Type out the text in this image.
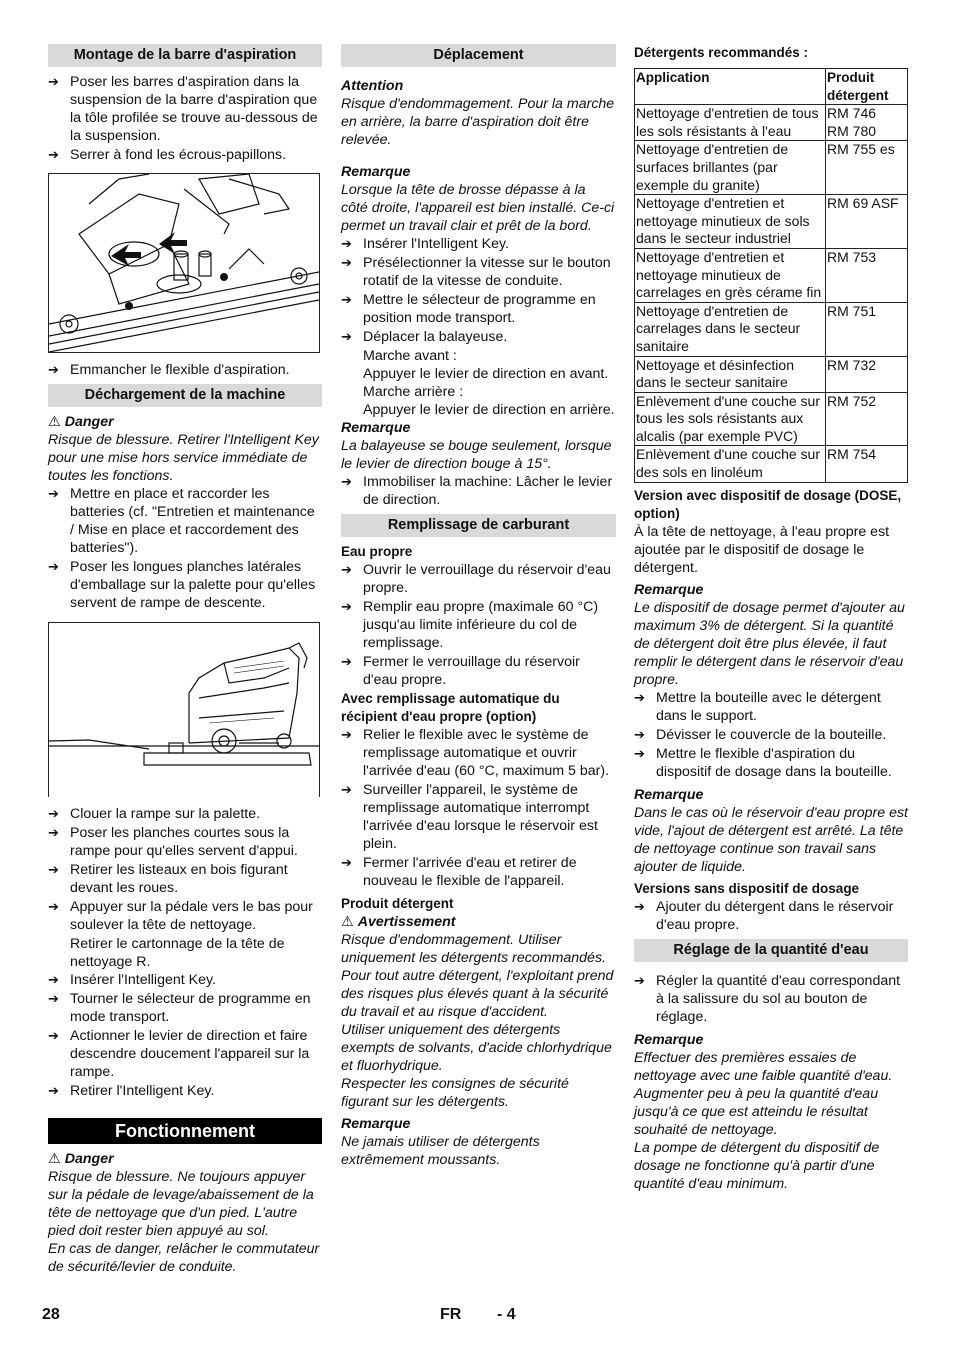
Montage de la barre d'aspiration
➔ Poser les barres d'aspiration dans la suspension de la barre d'aspiration que la tôle profilée se trouve au-dessous de la suspension.
➔ Serrer à fond les écrous-papillons.
➔ Emmancher le flexible d'aspiration.
Déchargement de la machine
⚠ Danger

Risque de blessure. Retirer l'Intelligent Key pour une mise hors service immédiate de toutes les fonctions.

➔ Mettre en place et raccorder les batteries (cf. "Entretien et maintenance / Mise en place et raccordement des batteries").
➔ Poser les longues planches latérales d'emballage sur la palette pour qu'elles servent de rampe de descente.
➔ Clouer la rampe sur la palette.
➔ Poser les planches courtes sous la rampe pour qu'elles servent d'appui.
➔ Retirer les listeaux en bois figurant devant les roues.
➔ Appuyer sur la pédale vers le bas pour soulever la tête de nettoyage.

Retirer le cartonnage de la tête de nettoyage R.

➔ Insérer l'Intelligent Key.
➔ Tourner le sélecteur de programme en mode transport.
➔ Actionner le levier de direction et faire descendre doucement l'appareil sur la rampe.
➔ Retirer l'Intelligent Key.
Fonctionnement
⚠ Danger

Risque de blessure. Ne toujours appuyer sur la pédale de levage/abaissement de la tête de nettoyage que d'un pied. L'autre pied doit rester bien appuyé au sol.

En cas de danger, relâcher le commutateur de sécurité/levier de conduite.

Déplacement
Attention

Risque d'endommagement. Pour la marche en arrière, la barre d'aspiration doit être relevée.

Remarque

Lorsque la tête de brosse dépasse à la côté droite, l'appareil est bien installé. Ce-ci permet un travail clair et prêt de la bord.

➔ Insérer l'Intelligent Key.
➔ Présélectionner la vitesse sur le bouton rotatif de la vitesse de conduite.
➔ Mettre le sélecteur de programme en position mode transport.
➔ Déplacer la balayeuse.

Marche avant :

Appuyer le levier de direction en avant.

Marche arrière :

Appuyer le levier de direction en arrière.

Remarque

La balayeuse se bouge seulement, lorsque le levier de direction bouge à 15°.

➔ Immobiliser la machine: Lâcher le levier de direction.
Remplissage de carburant
Eau propre
➔ Ouvrir le verrouillage du réservoir d'eau propre.
➔ Remplir eau propre (maximale 60 °C) jusqu'au limite inférieure du col de remplissage.
➔ Fermer le verrouillage du réservoir d'eau propre.
Avec remplissage automatique du récipient d'eau propre (option)
➔ Relier le flexible avec le système de remplissage automatique et ouvrir l'arrivée d'eau (60 °C, maximum 5 bar).
➔ Surveiller l'appareil, le système de remplissage automatique interrompt l'arrivée d'eau lorsque le réservoir est plein.
➔ Fermer l'arrivée d'eau et retirer de nouveau le flexible de l'appareil.
Produit détergent
⚠ Avertissement

Risque d'endommagement. Utiliser uniquement les détergents recommandés. Pour tout autre détergent, l'exploitant prend des risques plus élevés quant à la sécurité du travail et au risque d'accident.

Utiliser uniquement des détergents exempts de solvants, d'acide chlorhydrique et fluorhydrique.

Respecter les consignes de sécurité figurant sur les détergents.

Remarque

Ne jamais utiliser de détergents extrêmement moussants.

Détergents recommandés :
Application	Produit détergent
Nettoyage d'entretien de tous les sols résistants à l'eau	RM 746
RM 780
Nettoyage d'entretien de surfaces brillantes (par exemple du granite)	RM 755 es
Nettoyage d'entretien et nettoyage minutieux de sols dans le secteur industriel	RM 69 ASF
Nettoyage d'entretien et nettoyage minutieux de carrelages en grès cérame fin	RM 753
Nettoyage d'entretien de carrelages dans le secteur sanitaire	RM 751
Nettoyage et désinfection dans le secteur sanitaire	RM 732
Enlèvement d'une couche sur tous les sols résistants aux alcalis (par exemple PVC)	RM 752
Enlèvement d'une couche sur des sols en linoléum	RM 754
Version avec dispositif de dosage (DOSE, option)

À la tête de nettoyage, à l'eau propre est ajoutée par le dispositif de dosage le détergent.

Remarque

Le dispositif de dosage permet d'ajouter au maximum 3% de détergent. Si la quantité de détergent doit être plus élevée, il faut remplir le détergent dans le réservoir d'eau propre.

➔ Mettre la bouteille avec le détergent dans le support.
➔ Dévisser le couvercle de la bouteille.
➔ Mettre le flexible d'aspiration du dispositif de dosage dans la bouteille.
Remarque

Dans le cas où le réservoir d'eau propre est vide, l'ajout de détergent est arrêté. La tête de nettoyage continue son travail sans ajouter de liquide.

Versions sans dispositif de dosage
➔ Ajouter du détergent dans le réservoir d'eau propre.
Réglage de la quantité d'eau
➔ Régler la quantité d'eau correspondant à la salissure du sol au bouton de réglage.
Remarque

Effectuer des premières essaies de nettoyage avec une faible quantité d'eau. Augmenter peu à peu la quantité d'eau jusqu'à ce que est atteindu le résultat souhaité de nettoyage.

La pompe de détergent du dispositif de dosage ne fonctionne qu'à partir d'une quantité d'eau minimum.

28	FR - 4
